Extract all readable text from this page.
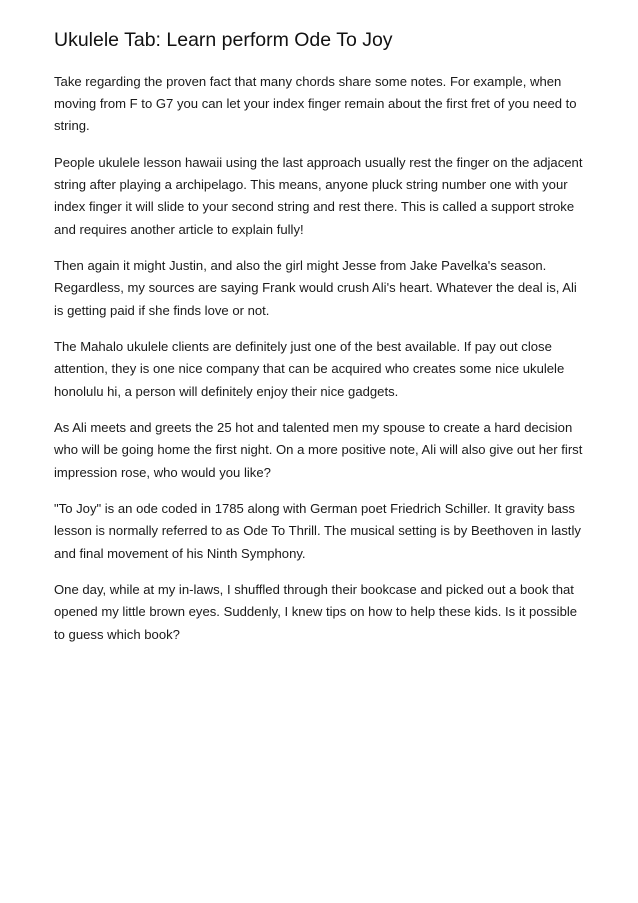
Ukulele Tab: Learn perform Ode To Joy

Take regarding the proven fact that many chords share some notes. For example, when moving from F to G7 you can let your index finger remain about the first fret of you need to string.

People ukulele lesson hawaii using the last approach usually rest the finger on the adjacent string after playing a archipelago. This means, anyone pluck string number one with your index finger it will slide to your second string and rest there. This is called a support stroke and requires another article to explain fully!

Then again it might Justin, and also the girl might Jesse from Jake Pavelka's season. Regardless, my sources are saying Frank would crush Ali's heart. Whatever the deal is, Ali is getting paid if she finds love or not.

The Mahalo ukulele clients are definitely just one of the best available. If pay out close attention, they is one nice company that can be acquired who creates some nice ukulele honolulu hi, a person will definitely enjoy their nice gadgets.

As Ali meets and greets the 25 hot and talented men my spouse to create a hard decision who will be going home the first night. On a more positive note, Ali will also give out her first impression rose, who would you like?

"To Joy" is an ode coded in 1785 along with German poet Friedrich Schiller. It gravity bass lesson is normally referred to as Ode To Thrill. The musical setting is by Beethoven in lastly and final movement of his Ninth Symphony.

One day, while at my in-laws, I shuffled through their bookcase and picked out a book that opened my little brown eyes. Suddenly, I knew tips on how to help these kids. Is it possible to guess which book?
